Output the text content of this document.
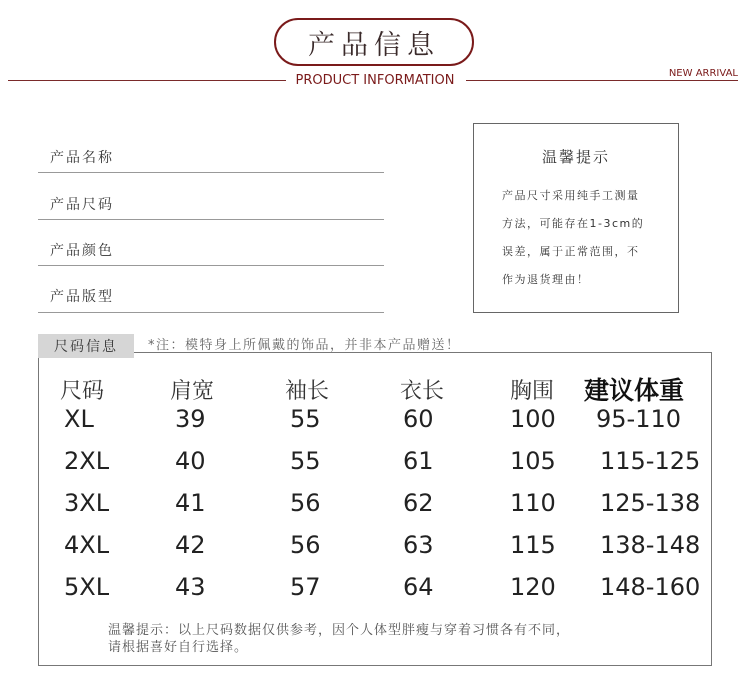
产品信息
PRODUCT INFORMATION	NEW ARRIVAL
产品名称
产品尺码
产品颜色
产品版型
温馨提示
产品尺寸采用纯手工测量
方法，可能存在1-3cm的
误差，属于正常范围，不
作为退货理由！
尺码信息	*注：模特身上所佩戴的饰品，并非本产品赠送！
尺码	肩宽	袖长	衣长	胸围 建议体重
XL	39	55	60	100 95-110
2XL	40	55	61	105 115-125
3XL	41	56	62	110 125-138
4XL	42	56	63	115 138-148
5XL	43	57	64	120 148-160
温馨提示：以上尺码数据仅供参考，因个人体型胖瘦与穿着习惯各有不同，
请根据喜好自行选择。
